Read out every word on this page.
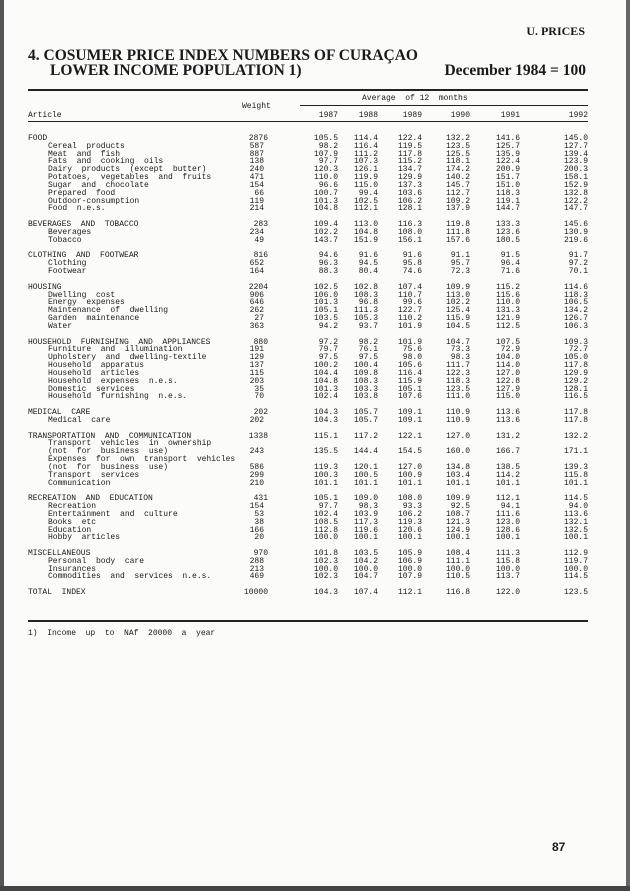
U. PRICES
4. COSUMER PRICE INDEX NUMBERS OF CURAÇAO
LOWER INCOME POPULATION 1)	December 1984 = 100
Average  of 12  months
Weight
Article	1987	1988	1989	1990	1991	1992
FOOD	2876	105.5	114.4	122.4	132.2	141.6	145.0
Cereal  products	587	98.2	116.4	119.5	123.5	125.7	127.7
Meat  and  fish	887	107.9	111.2	117.8	125.5	135.9	139.4
Fats  and  cooking  oils	138	97.7	107.3	115.2	118.1	122.4	123.9
Dairy  products  (except  butter)	240	120.3	126.1	134.7	174.2	200.9	200.3
Potatoes,  vegetables  and  fruits	471	110.0	119.9	129.9	140.2	151.7	158.1
Sugar  and  chocolate	154	96.6	115.0	137.3	145.7	151.0	152.9
Prepared  food	66	100.7	99.4	103.6	112.7	118.3	132.8
Outdoor-consumption	119	101.3	102.5	106.2	109.2	119.1	122.2
Food  n.e.s.	214	104.8	112.1	128.1	137.9	144.7	147.7
BEVERAGES  AND  TOBACCO	283	109.4	113.0	116.3	119.8	133.3	145.6
Beverages	234	102.2	104.8	108.0	111.8	123.6	130.9
Tobacco	49	143.7	151.9	156.1	157.6	180.5	219.6
CLOTHING  AND  FOOTWEAR	816	94.6	91.6	91.6	91.1	91.5	91.7
Clothing	652	96.3	94.5	95.8	95.7	96.4	97.2
Footwear	164	88.3	80.4	74.6	72.3	71.6	70.1
HOUSING	2204	102.5	102.8	107.4	109.9	115.2	114.6
Dwelling  cost	906	106.0	108.3	110.7	113.0	115.6	118.3
Energy  expenses	646	101.3	96.8	99.6	102.2	110.0	106.5
Maintenance  of  dwelling	262	105.1	111.3	122.7	125.4	131.3	134.2
Garden  maintenance	27	103.5	105.3	110.2	115.9	121.9	126.7
Water	363	94.2	93.7	101.9	104.5	112.5	106.3
HOUSEHOLD  FURNISHING  AND  APPLIANCES	880	97.2	98.2	101.9	104.7	107.5	109.3
Furniture  and  illumination	191	79.7	76.1	75.6	73.3	72.9	72.7
Upholstery  and  dwelling-textile	129	97.5	97.5	98.0	98.3	104.0	105.0
Household  apparatus	137	100.2	100.4	105.6	111.7	114.0	117.8
Household  articles	115	104.4	109.8	116.4	122.3	127.0	129.9
Household  expenses  n.e.s.	203	104.8	108.3	115.9	118.3	122.8	129.2
Domestic  services	35	101.3	103.3	105.1	123.5	127.9	128.1
Household  furnishing  n.e.s.	70	102.4	103.8	107.6	111.0	115.0	116.5
MEDICAL  CARE	202	104.3	105.7	109.1	110.9	113.6	117.8
Medical  care	202	104.3	105.7	109.1	110.9	113.6	117.8
TRANSPORTATION  AND  COMMUNICATION	1338	115.1	117.2	122.1	127.0	131.2	132.2
Transport  vehicles  in  ownership
(not  for  business  use)	243	135.5	144.4	154.5	160.0	166.7	171.1
Expenses  for  own  transport  vehicles
(not  for  business  use)	586	119.3	120.1	127.0	134.8	138.5	139.3
Transport  services	299	100.3	100.5	100.9	103.4	114.2	115.8
Communication	210	101.1	101.1	101.1	101.1	101.1	101.1
RECREATION  AND  EDUCATION	431	105.1	109.0	108.0	109.9	112.1	114.5
Recreation	154	97.7	98.3	93.3	92.5	94.1	94.0
Entertainment  and  culture	53	102.4	103.9	106.2	108.7	111.6	113.6
Books  etc	38	108.5	117.3	119.3	121.3	123.0	132.1
Education	166	112.8	119.6	120.6	124.9	128.6	132.5
Hobby  articles	20	100.0	100.1	100.1	100.1	100.1	100.1
MISCELLANEOUS	970	101.8	103.5	105.9	108.4	111.3	112.9
Personal  body  care	288	102.3	104.2	106.9	111.1	115.8	119.7
Insurances	213	100.0	100.0	100.0	100.0	100.0	100.0
Commodities  and  services  n.e.s.	469	102.3	104.7	107.9	110.5	113.7	114.5
TOTAL  INDEX	10000	104.3	107.4	112.1	116.8	122.0	123.5
1)  Income  up  to  NAf  20000  a  year
87
